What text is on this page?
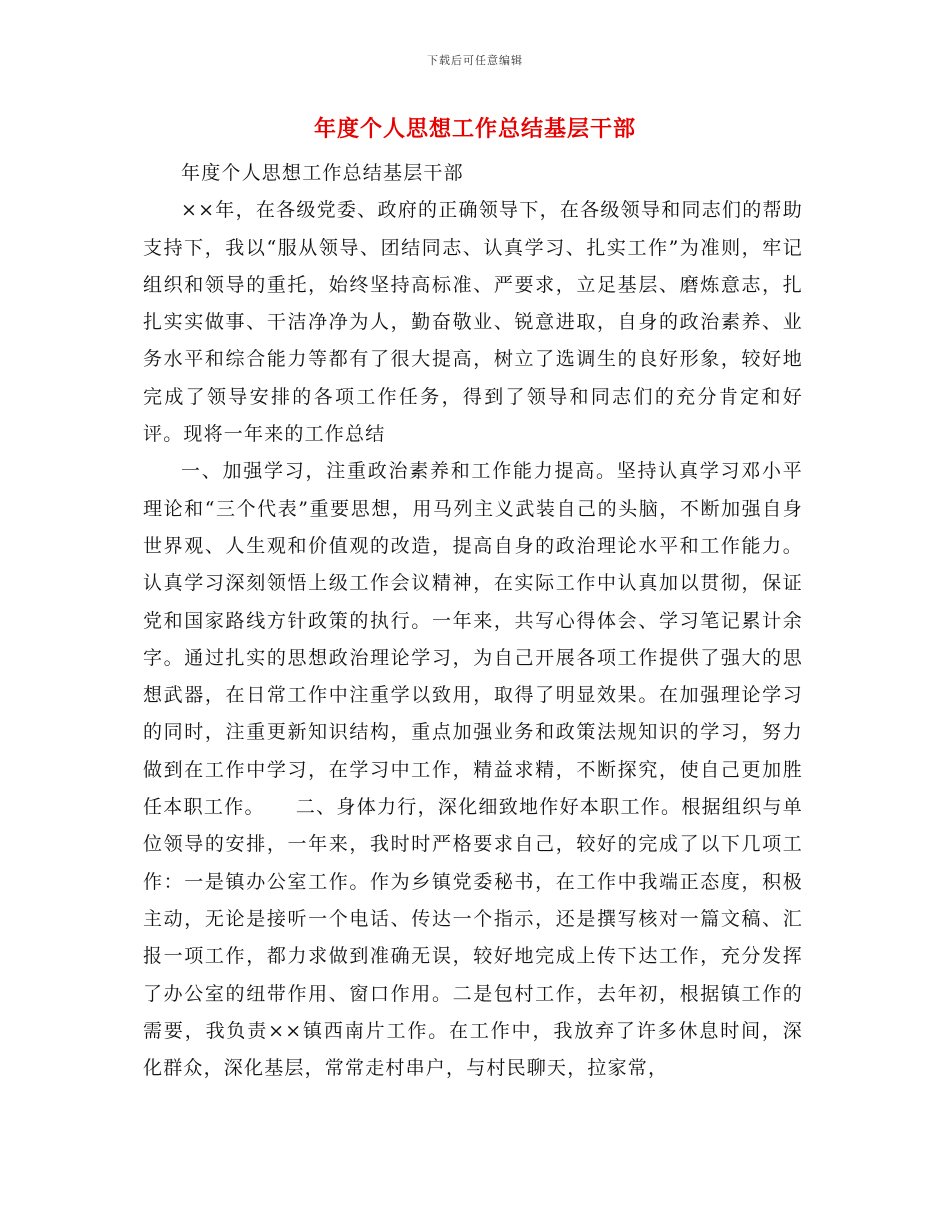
下载后可任意编辑
年度个人思想工作总结基层干部

年度个人思想工作总结基层干部

××年，在各级党委、政府的正确领导下，在各级领导和同志们的帮助支持下，我以“服从领导、团结同志、认真学习、扎实工作”为准则，牢记组织和领导的重托，始终坚持高标准、严要求，立足基层、磨炼意志，扎扎实实做事、干洁净净为人，勤奋敬业、锐意进取，自身的政治素养、业务水平和综合能力等都有了很大提高，树立了选调生的良好形象，较好地完成了领导安排的各项工作任务，得到了领导和同志们的充分肯定和好评。现将一年来的工作总结

一、加强学习，注重政治素养和工作能力提高。坚持认真学习邓小平理论和“三个代表”重要思想，用马列主义武装自己的头脑，不断加强自身世界观、人生观和价值观的改造，提高自身的政治理论水平和工作能力。认真学习深刻领悟上级工作会议精神，在实际工作中认真加以贯彻，保证党和国家路线方针政策的执行。一年来，共写心得体会、学习笔记累计余字。通过扎实的思想政治理论学习，为自己开展各项工作提供了强大的思想武器，在日常工作中注重学以致用，取得了明显效果。在加强理论学习的同时，注重更新知识结构，重点加强业务和政策法规知识的学习，努力做到在工作中学习，在学习中工作，精益求精，不断探究，使自己更加胜任本职工作。　　二、身体力行，深化细致地作好本职工作。根据组织与单位领导的安排，一年来，我时时严格要求自己，较好的完成了以下几项工作：一是镇办公室工作。作为乡镇党委秘书，在工作中我端正态度，积极主动，无论是接听一个电话、传达一个指示，还是撰写核对一篇文稿、汇报一项工作，都力求做到准确无误，较好地完成上传下达工作，充分发挥了办公室的纽带作用、窗口作用。二是包村工作，去年初，根据镇工作的需要，我负责××镇西南片工作。在工作中，我放弃了许多休息时间，深化群众，深化基层，常常走村串户，与村民聊天，拉家常，
